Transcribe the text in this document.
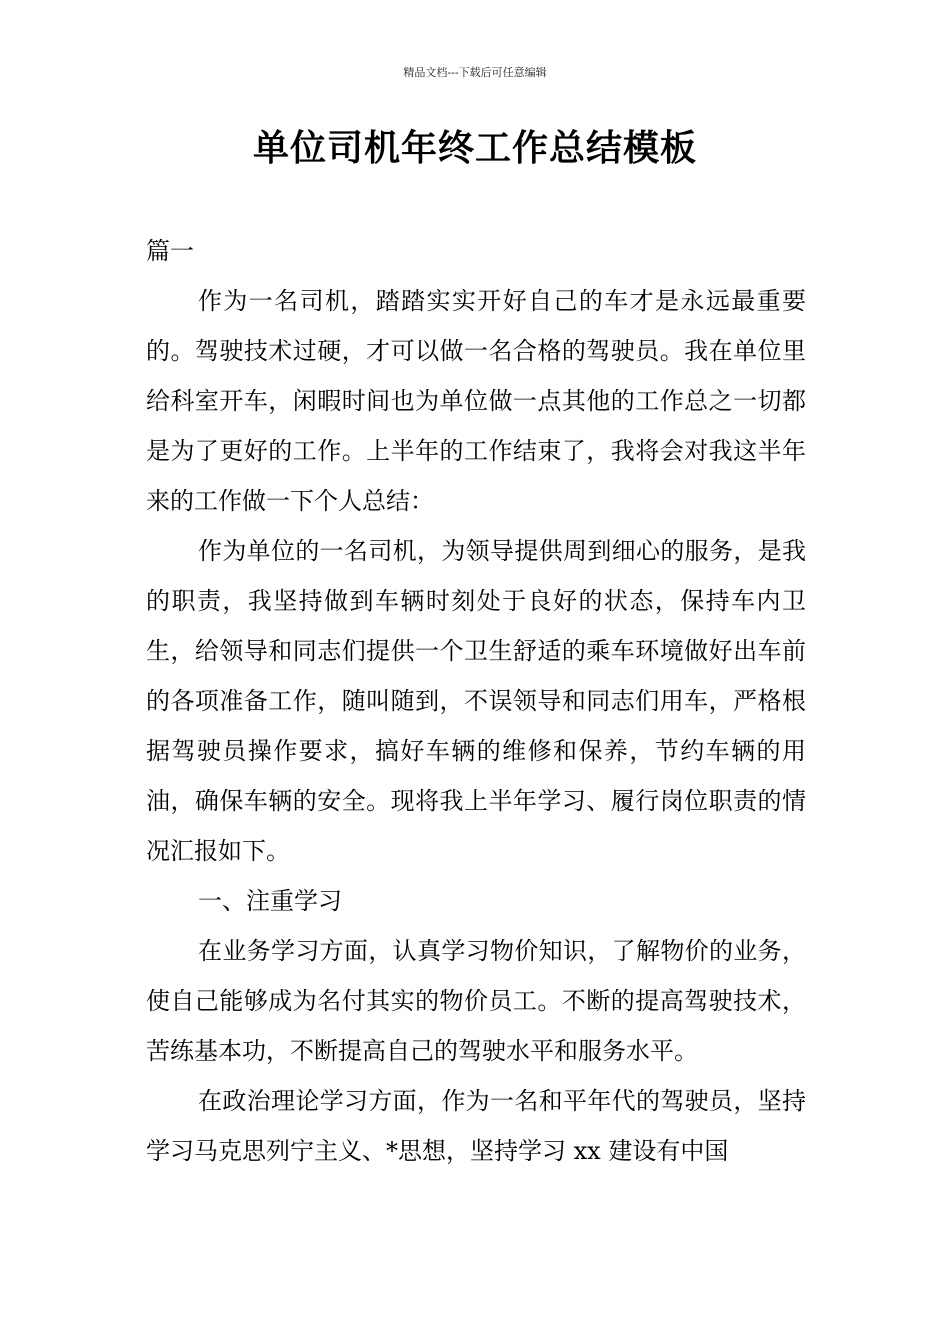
精品文档---下载后可任意编辑
单位司机年终工作总结模板

篇一

作为一名司机，踏踏实实开好自己的车才是永远最重要的。驾驶技术过硬，才可以做一名合格的驾驶员。我在单位里给科室开车，闲暇时间也为单位做一点其他的工作总之一切都是为了更好的工作。上半年的工作结束了，我将会对我这半年来的工作做一下个人总结：

作为单位的一名司机，为领导提供周到细心的服务，是我的职责，我坚持做到车辆时刻处于良好的状态，保持车内卫生，给领导和同志们提供一个卫生舒适的乘车环境做好出车前的各项准备工作，随叫随到，不误领导和同志们用车，严格根据驾驶员操作要求，搞好车辆的维修和保养，节约车辆的用油，确保车辆的安全。现将我上半年学习、履行岗位职责的情况汇报如下。

一、注重学习

在业务学习方面，认真学习物价知识，了解物价的业务，使自己能够成为名付其实的物价员工。不断的提高驾驶技术，苦练基本功，不断提高自己的驾驶水平和服务水平。

在政治理论学习方面，作为一名和平年代的驾驶员，坚持学习马克思列宁主义、*思想，坚持学习 xx 建设有中国
